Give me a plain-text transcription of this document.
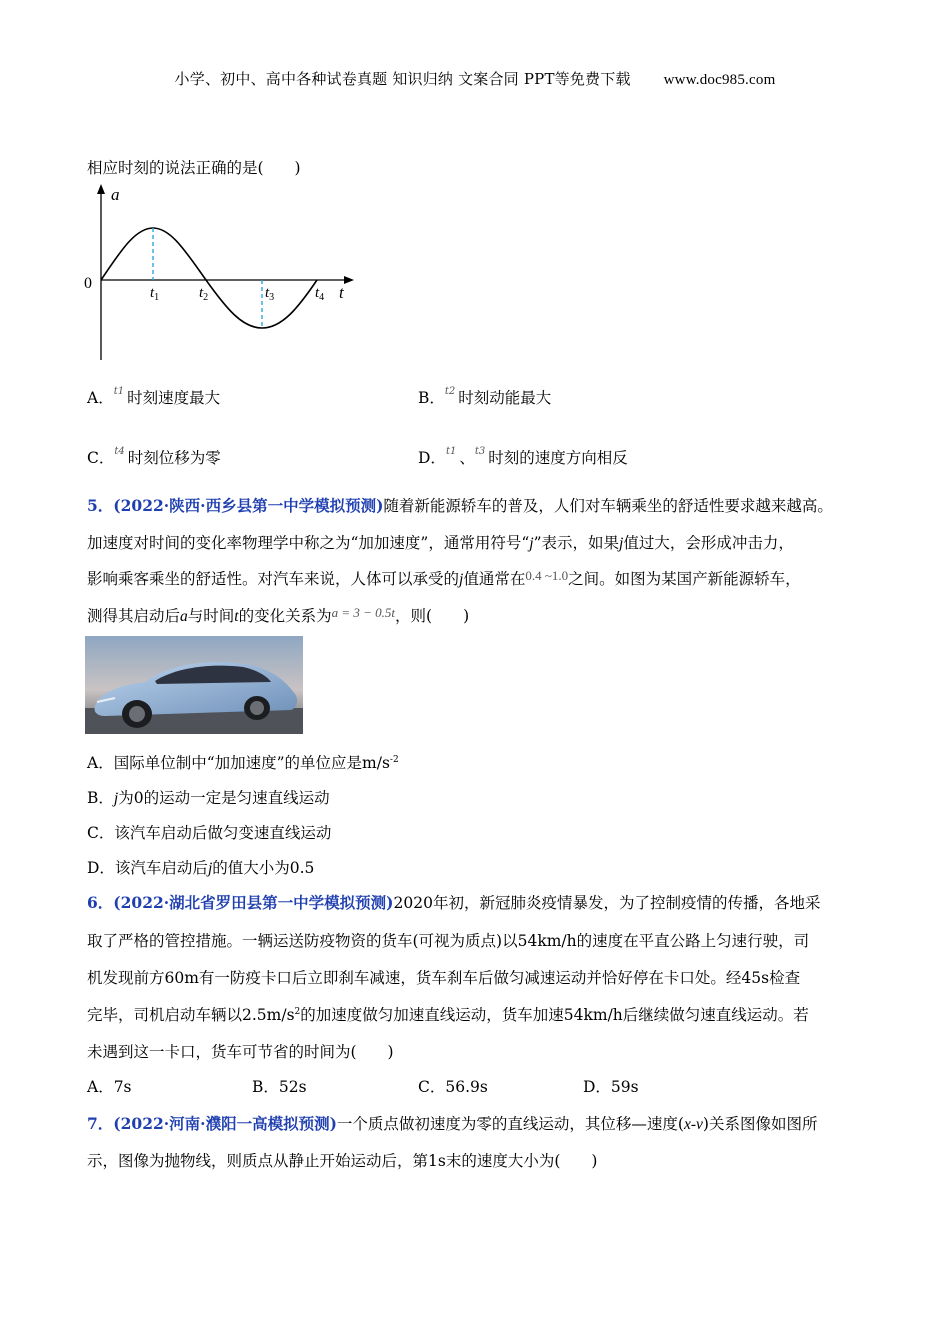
小学、初中、高中各种试卷真题 知识归纳 文案合同 PPT等免费下载 www.doc985.com
相应时刻的说法正确的是(　　)
a
0	t
$t_1$	$t_2$	$t_3$	$t_4$
A．$^{t1}$ 时刻速度最大	B．$^{t2}$ 时刻动能最大
C．$^{t4}$ 时刻位移为零	D．$^{t1}$ 、$^{t3}$ 时刻的速度方向相反
5．(2022·陕西·西乡县第一中学模拟预测)随着新能源轿车的普及，人们对车辆乘坐的舒适性要求越来越高。
加速度对时间的变化率物理学中称之为“加加速度”，通常用符号“j”表示，如果j值过大，会形成冲击力，
影响乘客乘坐的舒适性。对汽车来说，人体可以承受的j值通常在$^{0.4 \sim 1.0}$之间。如图为某国产新能源轿车，
测得其启动后a与时间t的变化关系为$^{a = 3 - 0.5t}$，则(　　)
A．国际单位制中“加加速度”的单位应是$m/s^{-2}$
B．j为0的运动一定是匀速直线运动
C．该汽车启动后做匀变速直线运动
D．该汽车启动后j的值大小为0.5
6．(2022·湖北省罗田县第一中学模拟预测)2020年初，新冠肺炎疫情暴发，为了控制疫情的传播，各地采
取了严格的管控措施。一辆运送防疫物资的货车(可视为质点)以54km/h的速度在平直公路上匀速行驶，司
机发现前方60m有一防疫卡口后立即刹车减速，货车刹车后做匀减速运动并恰好停在卡口处。经45s检查
完毕，司机启动车辆以$2.5m/s^2$的加速度做匀加速直线运动，货车加速54km/h后继续做匀速直线运动。若
未遇到这一卡口，货车可节省的时间为(　　)
A．7s	B．52s	C．56.9s	D．59s
7．(2022·河南·濮阳一高模拟预测)一个质点做初速度为零的直线运动，其位移—速度(x-v)关系图像如图所
示，图像为抛物线，则质点从静止开始运动后，第1s末的速度大小为(　　)
